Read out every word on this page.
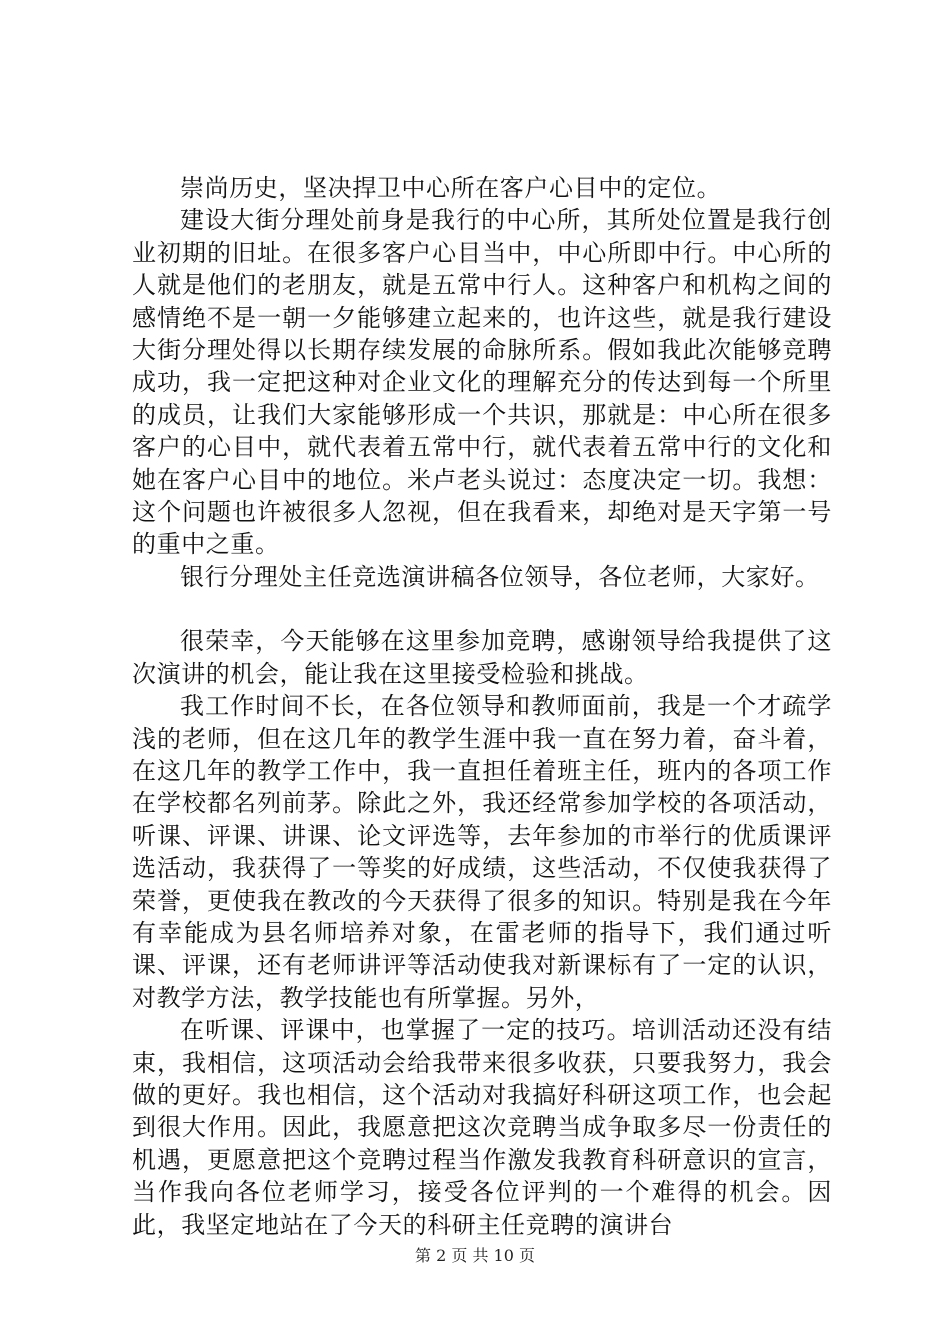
崇尚历史，坚决捍卫中心所在客户心目中的定位。

建设大街分理处前身是我行的中心所，其所处位置是我行创业初期的旧址。在很多客户心目当中，中心所即中行。中心所的人就是他们的老朋友，就是五常中行人。这种客户和机构之间的感情绝不是一朝一夕能够建立起来的，也许这些，就是我行建设大街分理处得以长期存续发展的命脉所系。假如我此次能够竞聘成功，我一定把这种对企业文化的理解充分的传达到每一个所里的成员，让我们大家能够形成一个共识，那就是：中心所在很多客户的心目中，就代表着五常中行，就代表着五常中行的文化和她在客户心目中的地位。米卢老头说过：态度决定一切。我想：这个问题也许被很多人忽视，但在我看来，却绝对是天字第一号的重中之重。

银行分理处主任竞选演讲稿各位领导，各位老师，大家好。

很荣幸，今天能够在这里参加竞聘，感谢领导给我提供了这次演讲的机会，能让我在这里接受检验和挑战。

我工作时间不长，在各位领导和教师面前，我是一个才疏学浅的老师，但在这几年的教学生涯中我一直在努力着，奋斗着，在这几年的教学工作中，我一直担任着班主任，班内的各项工作在学校都名列前茅。除此之外，我还经常参加学校的各项活动，听课、评课、讲课、论文评选等，去年参加的市举行的优质课评选活动，我获得了一等奖的好成绩，这些活动，不仅使我获得了荣誉，更使我在教改的今天获得了很多的知识。特别是我在今年有幸能成为县名师培养对象，在雷老师的指导下，我们通过听课、评课，还有老师讲评等活动使我对新课标有了一定的认识，对教学方法，教学技能也有所掌握。另外，

在听课、评课中，也掌握了一定的技巧。培训活动还没有结束，我相信，这项活动会给我带来很多收获，只要我努力，我会做的更好。我也相信，这个活动对我搞好科研这项工作，也会起到很大作用。因此，我愿意把这次竞聘当成争取多尽一份责任的机遇，更愿意把这个竞聘过程当作激发我教育科研意识的宣言，当作我向各位老师学习，接受各位评判的一个难得的机会。因此，我坚定地站在了今天的科研主任竞聘的演讲台

第 2 页 共 10 页
